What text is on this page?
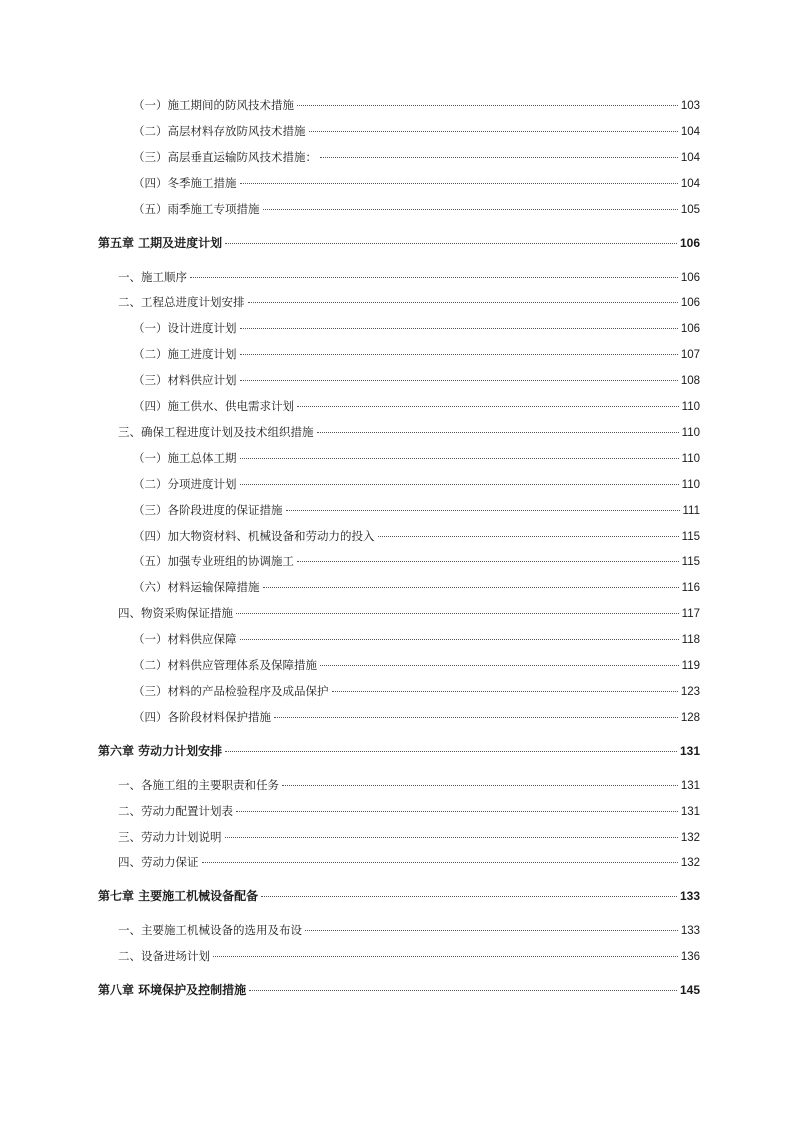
（一）施工期间的防风技术措施	103
（二）高层材料存放防风技术措施	104
（三）高层垂直运输防风技术措施：	104
（四）冬季施工措施	104
（五）雨季施工专项措施	105
第五章 工期及进度计划	106
一、施工顺序	106
二、工程总进度计划安排	106
（一）设计进度计划	106
（二）施工进度计划	107
（三）材料供应计划	108
（四）施工供水、供电需求计划	110
三、确保工程进度计划及技术组织措施	110
（一）施工总体工期	110
（二）分项进度计划	110
（三）各阶段进度的保证措施	111
（四）加大物资材料、机械设备和劳动力的投入	115
（五）加强专业班组的协调施工	115
（六）材料运输保障措施	116
四、物资采购保证措施	117
（一）材料供应保障	118
（二）材料供应管理体系及保障措施	119
（三）材料的产品检验程序及成品保护	123
（四）各阶段材料保护措施	128
第六章 劳动力计划安排	131
一、各施工组的主要职责和任务	131
二、劳动力配置计划表	131
三、劳动力计划说明	132
四、劳动力保证	132
第七章 主要施工机械设备配备	133
一、主要施工机械设备的选用及布设	133
二、设备进场计划	136
第八章 环境保护及控制措施	145
